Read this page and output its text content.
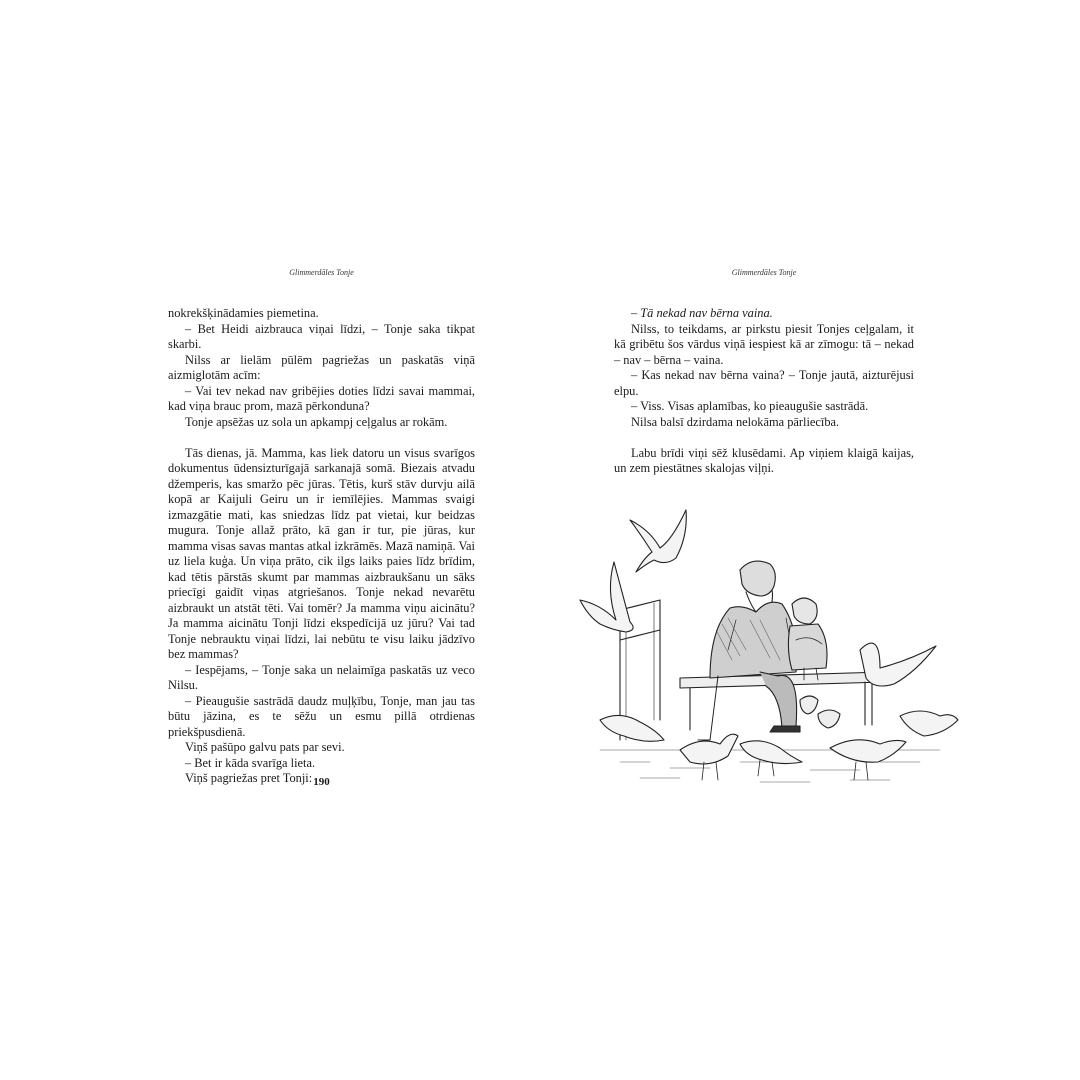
Glimmerdāles Tonje

nokrekšķinādamies piemetina.

– Bet Heidi aizbrauca viņai līdzi, – Tonje saka tikpat skarbi.

Nilss ar lielām pūlēm pagriežas un paskatās viņā aizmiglotām acīm:

– Vai tev nekad nav gribējies doties līdzi savai mammai, kad viņa brauc prom, mazā pērkonduna?

Tonje apsēžas uz sola un apkampj ceļgalus ar rokām.

Tās dienas, jā. Mamma, kas liek datoru un visus svarīgos dokumentus ūdensizturīgajā sarkanajā somā. Biezais atvadu džemperis, kas smaržo pēc jūras. Tētis, kurš stāv durvju ailā kopā ar Kaijuli Geiru un ir iemīlējies. Mammas svaigi izmazgātie mati, kas sniedzas līdz pat vietai, kur beidzas mugura. Tonje allaž prāto, kā gan ir tur, pie jūras, kur mamma visas savas mantas atkal izkrāmēs. Mazā namiņā. Vai uz liela kuģa. Un viņa prāto, cik ilgs laiks paies līdz brīdim, kad tētis pārstās skumt par mammas aizbraukšanu un sāks priecīgi gaidīt viņas atgriešanos. Tonje nekad nevarētu aizbraukt un atstāt tēti. Vai tomēr? Ja mamma viņu aicinātu? Ja mamma aicinātu Tonji līdzi ekspedīcijā uz jūru? Vai tad Tonje nebrauktu viņai līdzi, lai nebūtu te visu laiku jādzīvo bez mammas?

– Iespējams, – Tonje saka un nelaimīga paskatās uz veco Nilsu.

– Pieaugušie sastrādā daudz muļķību, Tonje, man jau tas būtu jāzina, es te sēžu un esmu pillā otrdienas priekšpusdienā.

Viņš pašūpo galvu pats par sevi.

– Bet ir kāda svarīga lieta.

Viņš pagriežas pret Tonji: 190
Glimmerdāles Tonje

– Tā nekad nav bērna vaina.

Nilss, to teikdams, ar pirkstu piesit Tonjes ceļgalam, it kā gribētu šos vārdus viņā iespiest kā ar zīmogu: tā – nekad – nav – bērna – vaina.

– Kas nekad nav bērna vaina? – Tonje jautā, aizturējusi elpu.

– Viss. Visas aplamības, ko pieaugušie sastrādā.

Nilsa balsī dzirdama nelokāma pārliecība.

Labu brīdi viņi sēž klusēdami. Ap viņiem klaigā kaijas, un zem piestātnes skalojas viļņi.
